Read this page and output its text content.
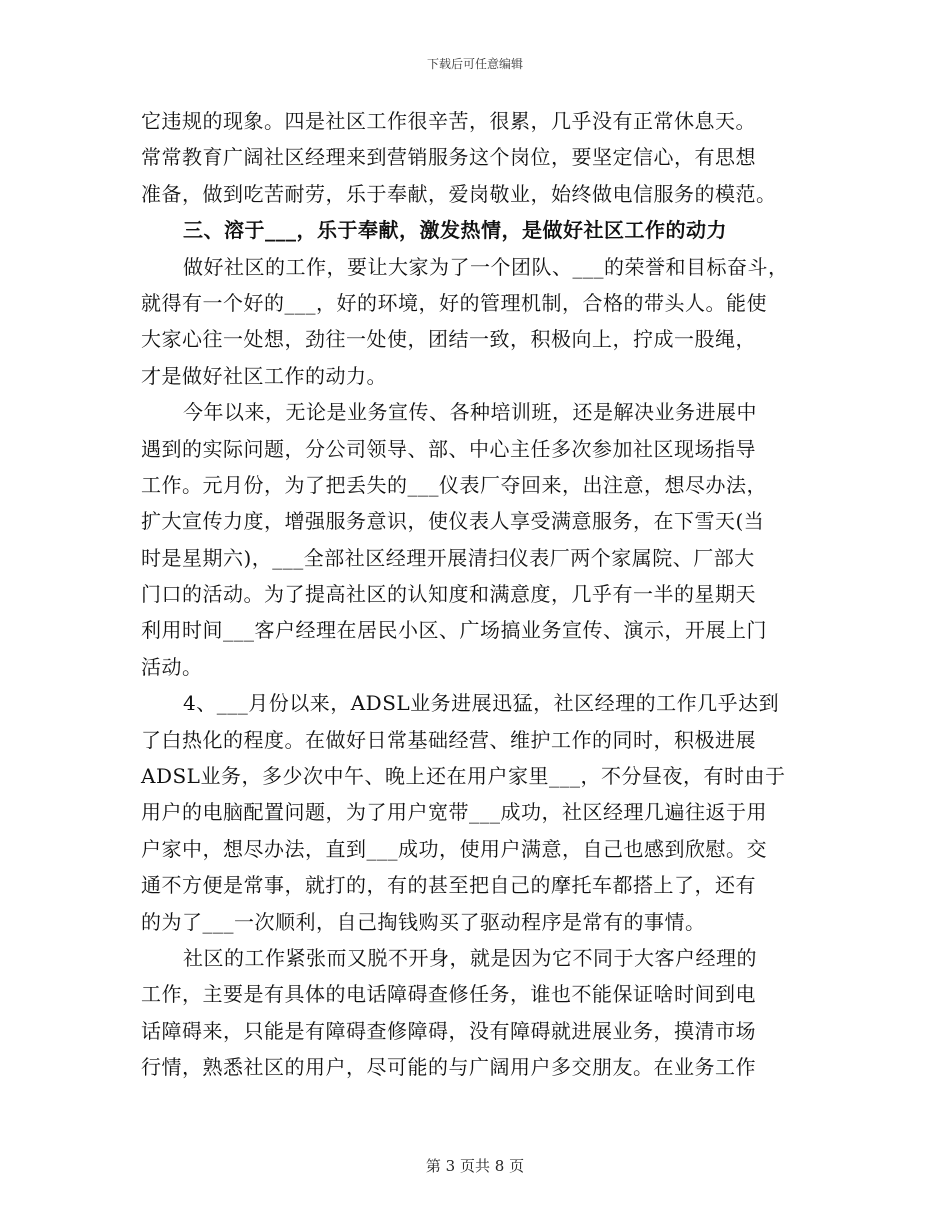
下载后可任意编辑
它违规的现象。四是社区工作很辛苦，很累，几乎没有正常休息天。
常常教育广阔社区经理来到营销服务这个岗位，要坚定信心，有思想
准备，做到吃苦耐劳，乐于奉献，爱岗敬业，始终做电信服务的模范。
三、溶于___，乐于奉献，激发热情，是做好社区工作的动力
做好社区的工作，要让大家为了一个团队、___的荣誉和目标奋斗，
就得有一个好的___，好的环境，好的管理机制，合格的带头人。能使
大家心往一处想，劲往一处使，团结一致，积极向上，拧成一股绳，
才是做好社区工作的动力。
今年以来，无论是业务宣传、各种培训班，还是解决业务进展中
遇到的实际问题，分公司领导、部、中心主任多次参加社区现场指导
工作。元月份，为了把丢失的___仪表厂夺回来，出注意，想尽办法，
扩大宣传力度，增强服务意识，使仪表人享受满意服务，在下雪天(当
时是星期六)，___全部社区经理开展清扫仪表厂两个家属院、厂部大
门口的活动。为了提高社区的认知度和满意度，几乎有一半的星期天
利用时间___客户经理在居民小区、广场搞业务宣传、演示，开展上门
活动。
4、___月份以来，ADSL业务进展迅猛，社区经理的工作几乎达到
了白热化的程度。在做好日常基础经营、维护工作的同时，积极进展
ADSL业务，多少次中午、晚上还在用户家里___，不分昼夜，有时由于
用户的电脑配置问题，为了用户宽带___成功，社区经理几遍往返于用
户家中，想尽办法，直到___成功，使用户满意，自己也感到欣慰。交
通不方便是常事，就打的，有的甚至把自己的摩托车都搭上了，还有
的为了___一次顺利，自己掏钱购买了驱动程序是常有的事情。
社区的工作紧张而又脱不开身，就是因为它不同于大客户经理的
工作，主要是有具体的电话障碍查修任务，谁也不能保证啥时间到电
话障碍来，只能是有障碍查修障碍，没有障碍就进展业务，摸清市场
行情，熟悉社区的用户，尽可能的与广阔用户多交朋友。在业务工作
第 3 页共 8 页
